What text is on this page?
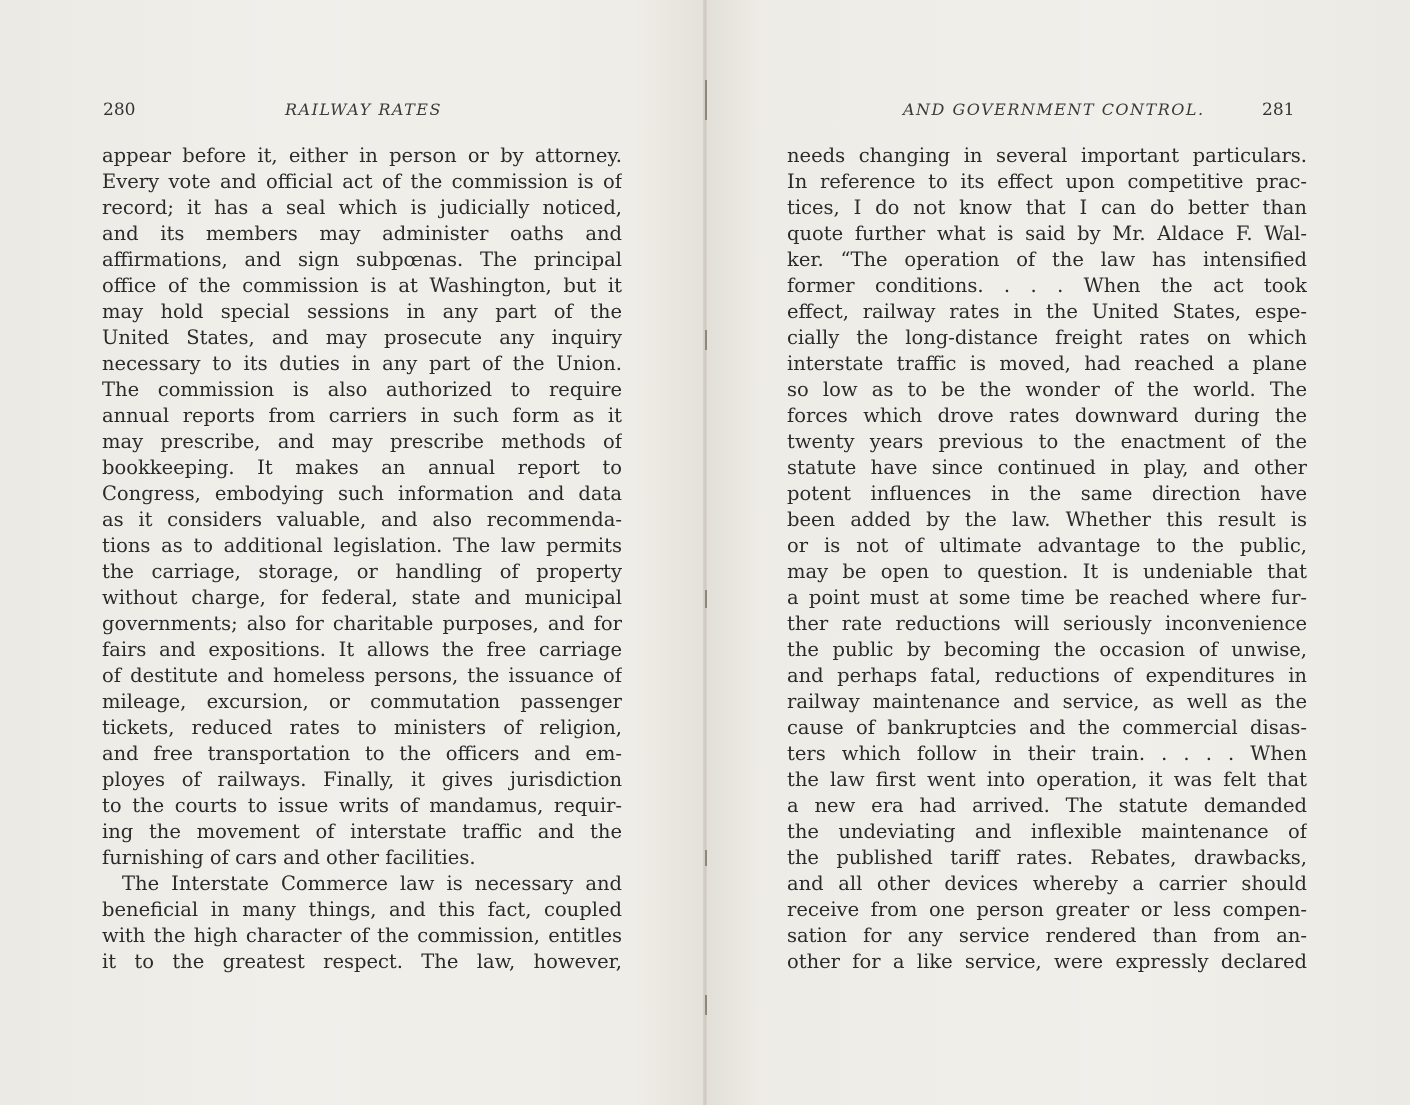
280	RAILWAY RATES
appear before it, either in person or by attorney.
Every vote and official act of the commission is of
record; it has a seal which is judicially noticed,
and its members may administer oaths and
affirmations, and sign subpœnas. The principal
office of the commission is at Washington, but it
may hold special sessions in any part of the
United States, and may prosecute any inquiry
necessary to its duties in any part of the Union.
The commission is also authorized to require
annual reports from carriers in such form as it
may prescribe, and may prescribe methods of
bookkeeping. It makes an annual report to
Congress, embodying such information and data
as it considers valuable, and also recommenda-
tions as to additional legislation. The law permits
the carriage, storage, or handling of property
without charge, for federal, state and municipal
governments; also for charitable purposes, and for
fairs and expositions. It allows the free carriage
of destitute and homeless persons, the issuance of
mileage, excursion, or commutation passenger
tickets, reduced rates to ministers of religion,
and free transportation to the officers and em-
ployes of railways. Finally, it gives jurisdiction
to the courts to issue writs of mandamus, requir-
ing the movement of interstate traffic and the
furnishing of cars and other facilities.
The Interstate Commerce law is necessary and
beneficial in many things, and this fact, coupled
with the high character of the commission, entitles
it to the greatest respect. The law, however,
AND GOVERNMENT CONTROL.	281
needs changing in several important particulars.
In reference to its effect upon competitive prac-
tices, I do not know that I can do better than
quote further what is said by Mr. Aldace F. Wal-
ker. “The operation of the law has intensified
former conditions. . . . When the act took
effect, railway rates in the United States, espe-
cially the long-distance freight rates on which
interstate traffic is moved, had reached a plane
so low as to be the wonder of the world. The
forces which drove rates downward during the
twenty years previous to the enactment of the
statute have since continued in play, and other
potent influences in the same direction have
been added by the law. Whether this result is
or is not of ultimate advantage to the public,
may be open to question. It is undeniable that
a point must at some time be reached where fur-
ther rate reductions will seriously inconvenience
the public by becoming the occasion of unwise,
and perhaps fatal, reductions of expenditures in
railway maintenance and service, as well as the
cause of bankruptcies and the commercial disas-
ters which follow in their train. . . . . When
the law first went into operation, it was felt that
a new era had arrived. The statute demanded
the undeviating and inflexible maintenance of
the published tariff rates. Rebates, drawbacks,
and all other devices whereby a carrier should
receive from one person greater or less compen-
sation for any service rendered than from an-
other for a like service, were expressly declared
